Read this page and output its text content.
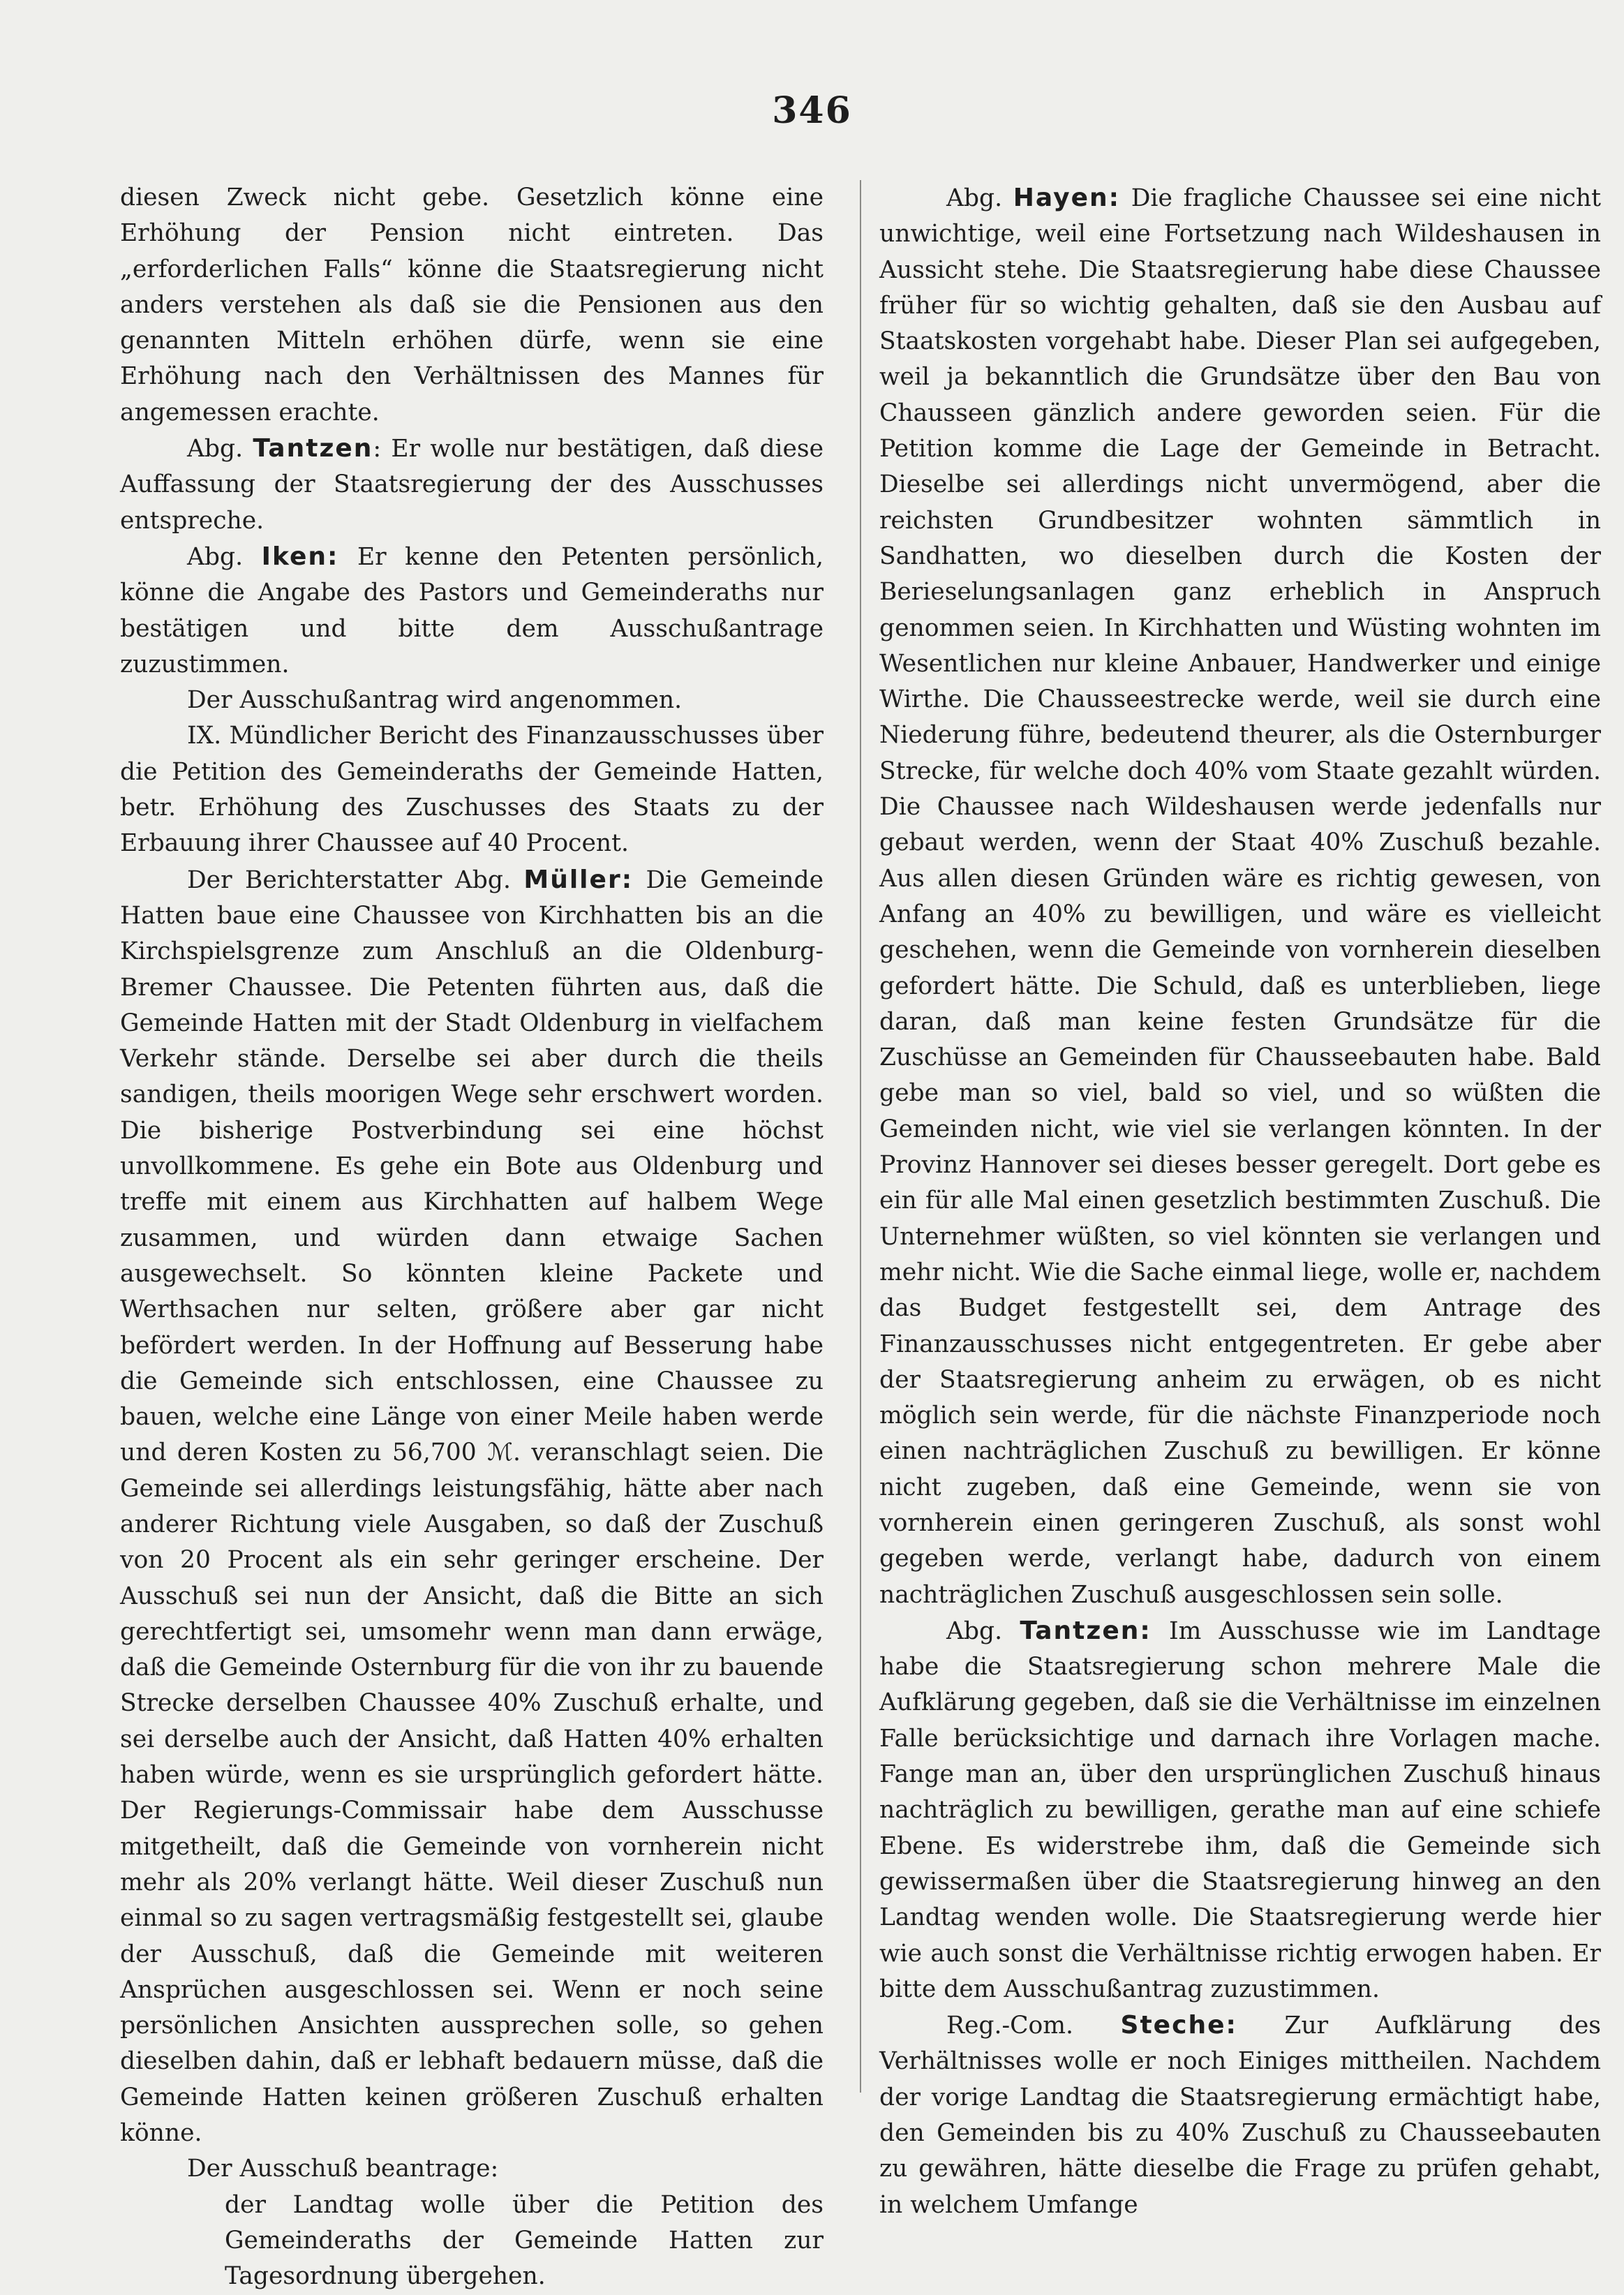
346

diesen Zweck nicht gebe. Gesetzlich könne eine Erhöhung der Pension nicht eintreten. Das „erforderlichen Falls“ könne die Staatsregierung nicht anders verstehen als daß sie die Pensionen aus den genannten Mitteln erhöhen dürfe, wenn sie eine Erhöhung nach den Verhältnissen des Mannes für angemessen erachte.

Abg. Tantzen: Er wolle nur bestätigen, daß diese Auffassung der Staatsregierung der des Ausschusses entspreche.

Abg. Iken: Er kenne den Petenten persönlich, könne die Angabe des Pastors und Gemeinderaths nur bestätigen und bitte dem Ausschußantrage zuzustimmen.

Der Ausschußantrag wird angenommen.

IX. Mündlicher Bericht des Finanzausschusses über die Petition des Gemeinderaths der Gemeinde Hatten, betr. Erhöhung des Zuschusses des Staats zu der Erbauung ihrer Chaussee auf 40 Procent.

Der Berichterstatter Abg. Müller: Die Gemeinde Hatten baue eine Chaussee von Kirchhatten bis an die Kirchspielsgrenze zum Anschluß an die Oldenburg-Bremer Chaussee. Die Petenten führten aus, daß die Gemeinde Hatten mit der Stadt Oldenburg in vielfachem Verkehr stände. Derselbe sei aber durch die theils sandigen, theils moorigen Wege sehr erschwert worden. Die bisherige Postverbindung sei eine höchst unvollkommene. Es gehe ein Bote aus Oldenburg und treffe mit einem aus Kirchhatten auf halbem Wege zusammen, und würden dann etwaige Sachen ausgewechselt. So könnten kleine Packete und Werthsachen nur selten, größere aber gar nicht befördert werden. In der Hoffnung auf Besserung habe die Gemeinde sich entschlossen, eine Chaussee zu bauen, welche eine Länge von einer Meile haben werde und deren Kosten zu 56,700 ℳ. veranschlagt seien. Die Gemeinde sei allerdings leistungsfähig, hätte aber nach anderer Richtung viele Ausgaben, so daß der Zuschuß von 20 Procent als ein sehr geringer erscheine. Der Ausschuß sei nun der Ansicht, daß die Bitte an sich gerechtfertigt sei, umsomehr wenn man dann erwäge, daß die Gemeinde Osternburg für die von ihr zu bauende Strecke derselben Chaussee 40% Zuschuß erhalte, und sei derselbe auch der Ansicht, daß Hatten 40% erhalten haben würde, wenn es sie ursprünglich gefordert hätte. Der Regierungs-Commissair habe dem Ausschusse mitgetheilt, daß die Gemeinde von vornherein nicht mehr als 20% verlangt hätte. Weil dieser Zuschuß nun einmal so zu sagen vertragsmäßig festgestellt sei, glaube der Ausschuß, daß die Gemeinde mit weiteren Ansprüchen ausgeschlossen sei. Wenn er noch seine persönlichen Ansichten aussprechen solle, so gehen dieselben dahin, daß er lebhaft bedauern müsse, daß die Gemeinde Hatten keinen größeren Zuschuß erhalten könne.

Der Ausschuß beantrage:

der Landtag wolle über die Petition des Gemeinderaths der Gemeinde Hatten zur Tagesordnung übergehen.

Abg. Hayen: Die fragliche Chaussee sei eine nicht unwichtige, weil eine Fortsetzung nach Wildeshausen in Aussicht stehe. Die Staatsregierung habe diese Chaussee früher für so wichtig gehalten, daß sie den Ausbau auf Staatskosten vorgehabt habe. Dieser Plan sei aufgegeben, weil ja bekanntlich die Grundsätze über den Bau von Chausseen gänzlich andere geworden seien. Für die Petition komme die Lage der Gemeinde in Betracht. Dieselbe sei allerdings nicht unvermögend, aber die reichsten Grundbesitzer wohnten sämmtlich in Sandhatten, wo dieselben durch die Kosten der Berieselungsanlagen ganz erheblich in Anspruch genommen seien. In Kirchhatten und Wüsting wohnten im Wesentlichen nur kleine Anbauer, Handwerker und einige Wirthe. Die Chausseestrecke werde, weil sie durch eine Niederung führe, bedeutend theurer, als die Osternburger Strecke, für welche doch 40% vom Staate gezahlt würden. Die Chaussee nach Wildeshausen werde jedenfalls nur gebaut werden, wenn der Staat 40% Zuschuß bezahle. Aus allen diesen Gründen wäre es richtig gewesen, von Anfang an 40% zu bewilligen, und wäre es vielleicht geschehen, wenn die Gemeinde von vornherein dieselben gefordert hätte. Die Schuld, daß es unterblieben, liege daran, daß man keine festen Grundsätze für die Zuschüsse an Gemeinden für Chausseebauten habe. Bald gebe man so viel, bald so viel, und so wüßten die Gemeinden nicht, wie viel sie verlangen könnten. In der Provinz Hannover sei dieses besser geregelt. Dort gebe es ein für alle Mal einen gesetzlich bestimmten Zuschuß. Die Unternehmer wüßten, so viel könnten sie verlangen und mehr nicht. Wie die Sache einmal liege, wolle er, nachdem das Budget festgestellt sei, dem Antrage des Finanzausschusses nicht entgegentreten. Er gebe aber der Staatsregierung anheim zu erwägen, ob es nicht möglich sein werde, für die nächste Finanzperiode noch einen nachträglichen Zuschuß zu bewilligen. Er könne nicht zugeben, daß eine Gemeinde, wenn sie von vornherein einen geringeren Zuschuß, als sonst wohl gegeben werde, verlangt habe, dadurch von einem nachträglichen Zuschuß ausgeschlossen sein solle.

Abg. Tantzen: Im Ausschusse wie im Landtage habe die Staatsregierung schon mehrere Male die Aufklärung gegeben, daß sie die Verhältnisse im einzelnen Falle berücksichtige und darnach ihre Vorlagen mache. Fange man an, über den ursprünglichen Zuschuß hinaus nachträglich zu bewilligen, gerathe man auf eine schiefe Ebene. Es widerstrebe ihm, daß die Gemeinde sich gewissermaßen über die Staatsregierung hinweg an den Landtag wenden wolle. Die Staatsregierung werde hier wie auch sonst die Verhältnisse richtig erwogen haben. Er bitte dem Ausschußantrag zuzustimmen.

Reg.-Com. Steche: Zur Aufklärung des Verhältnisses wolle er noch Einiges mittheilen. Nachdem der vorige Landtag die Staatsregierung ermächtigt habe, den Gemeinden bis zu 40% Zuschuß zu Chausseebauten zu gewähren, hätte dieselbe die Frage zu prüfen gehabt, in welchem Umfange
